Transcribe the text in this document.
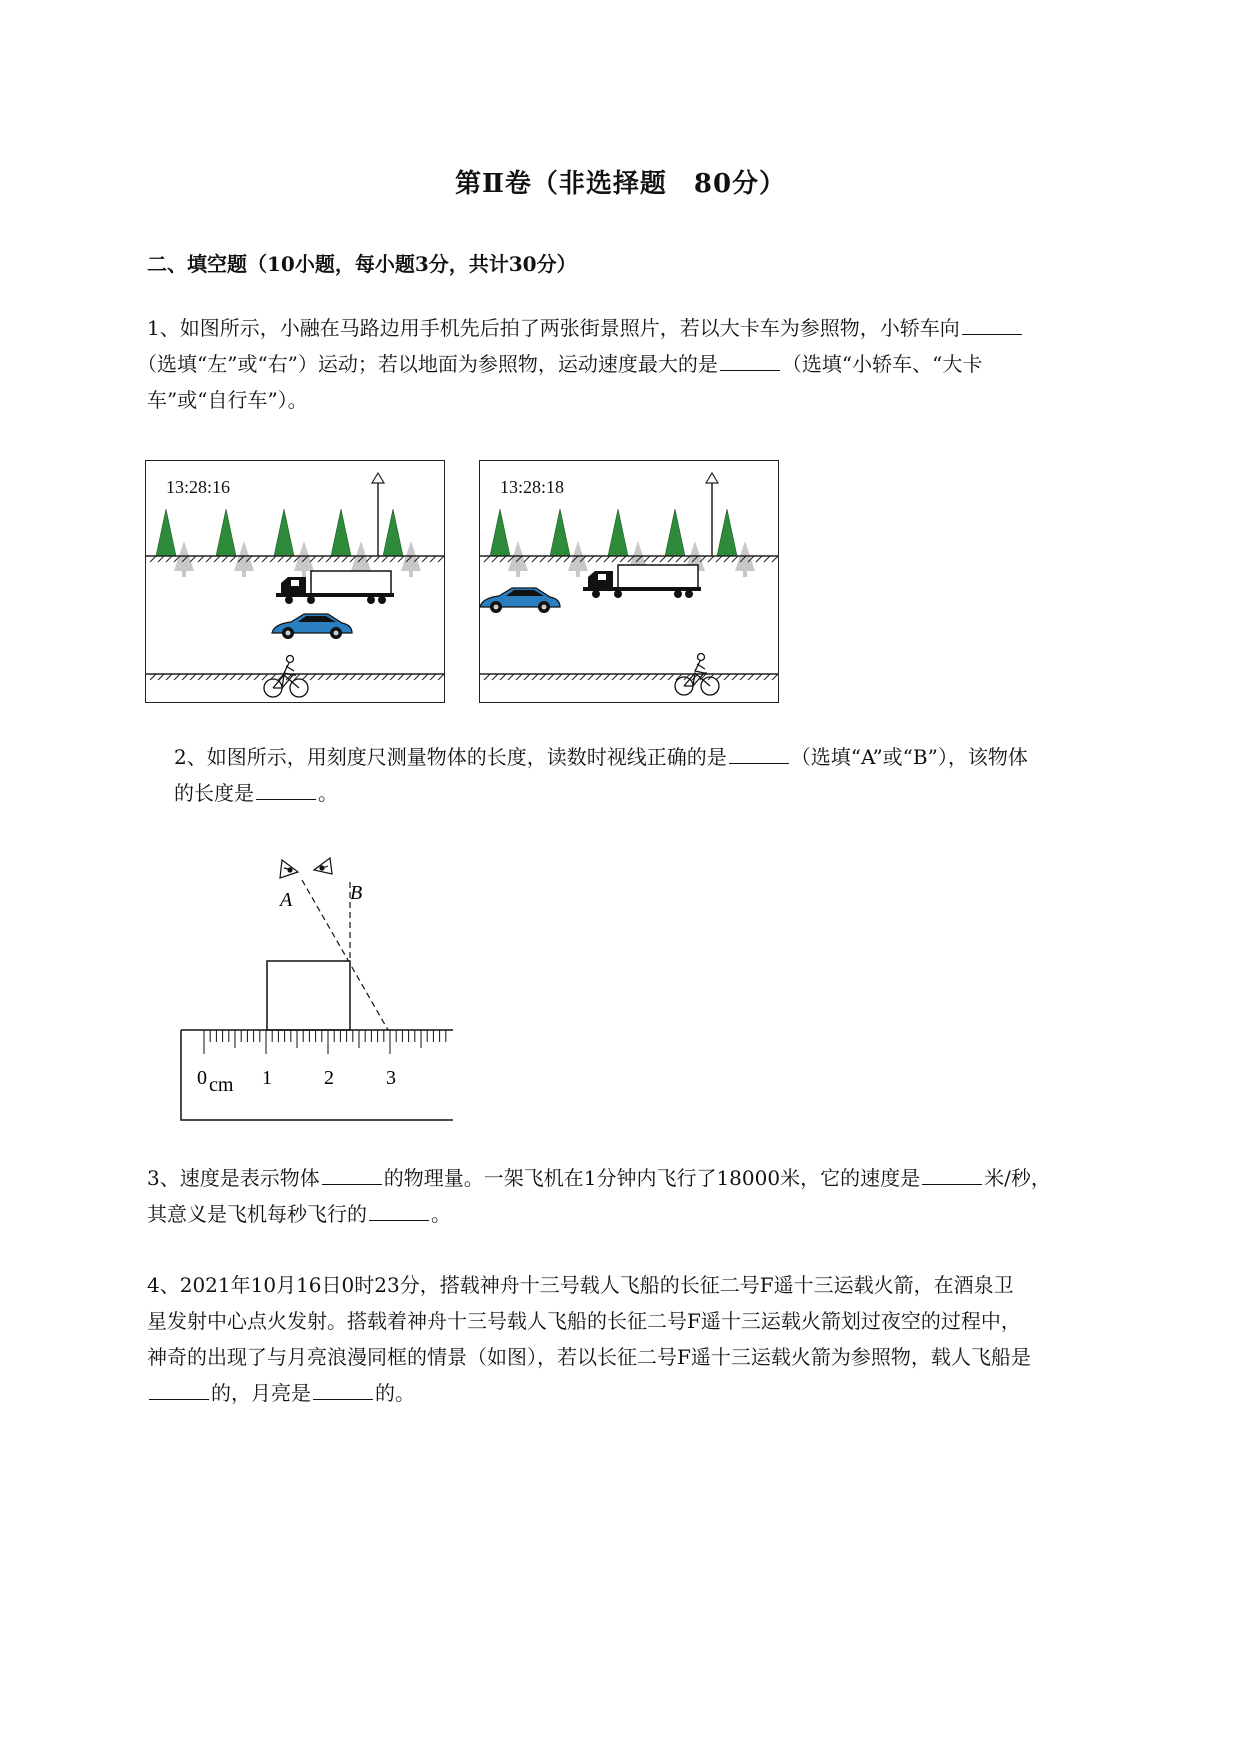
第Ⅱ卷（非选择题　80分）
二、填空题（10小题，每小题3分，共计30分）
1、如图所示，小融在马路边用手机先后拍了两张街景照片，若以大卡车为参照物，小轿车向
（选填“左”或“右”）运动；若以地面为参照物，运动速度最大的是	（选填“小轿车、“大卡
车”或“自行车”）。
13:28:16	13:28:18
2、如图所示，用刻度尺测量物体的长度，读数时视线正确的是	（选填“A”或“B”），该物体
的长度是	。
A	B
0 cm 1	2	3
3、速度是表示物体	的物理量。一架飞机在1分钟内飞行了18000米，它的速度是	米/秒，
其意义是飞机每秒飞行的	。
4、2021年10月16日0时23分，搭载神舟十三号载人飞船的长征二号F遥十三运载火箭，在酒泉卫
星发射中心点火发射。搭载着神舟十三号载人飞船的长征二号F遥十三运载火箭划过夜空的过程中，
神奇的出现了与月亮浪漫同框的情景（如图），若以长征二号F遥十三运载火箭为参照物，载人飞船是
的，月亮是	的。
